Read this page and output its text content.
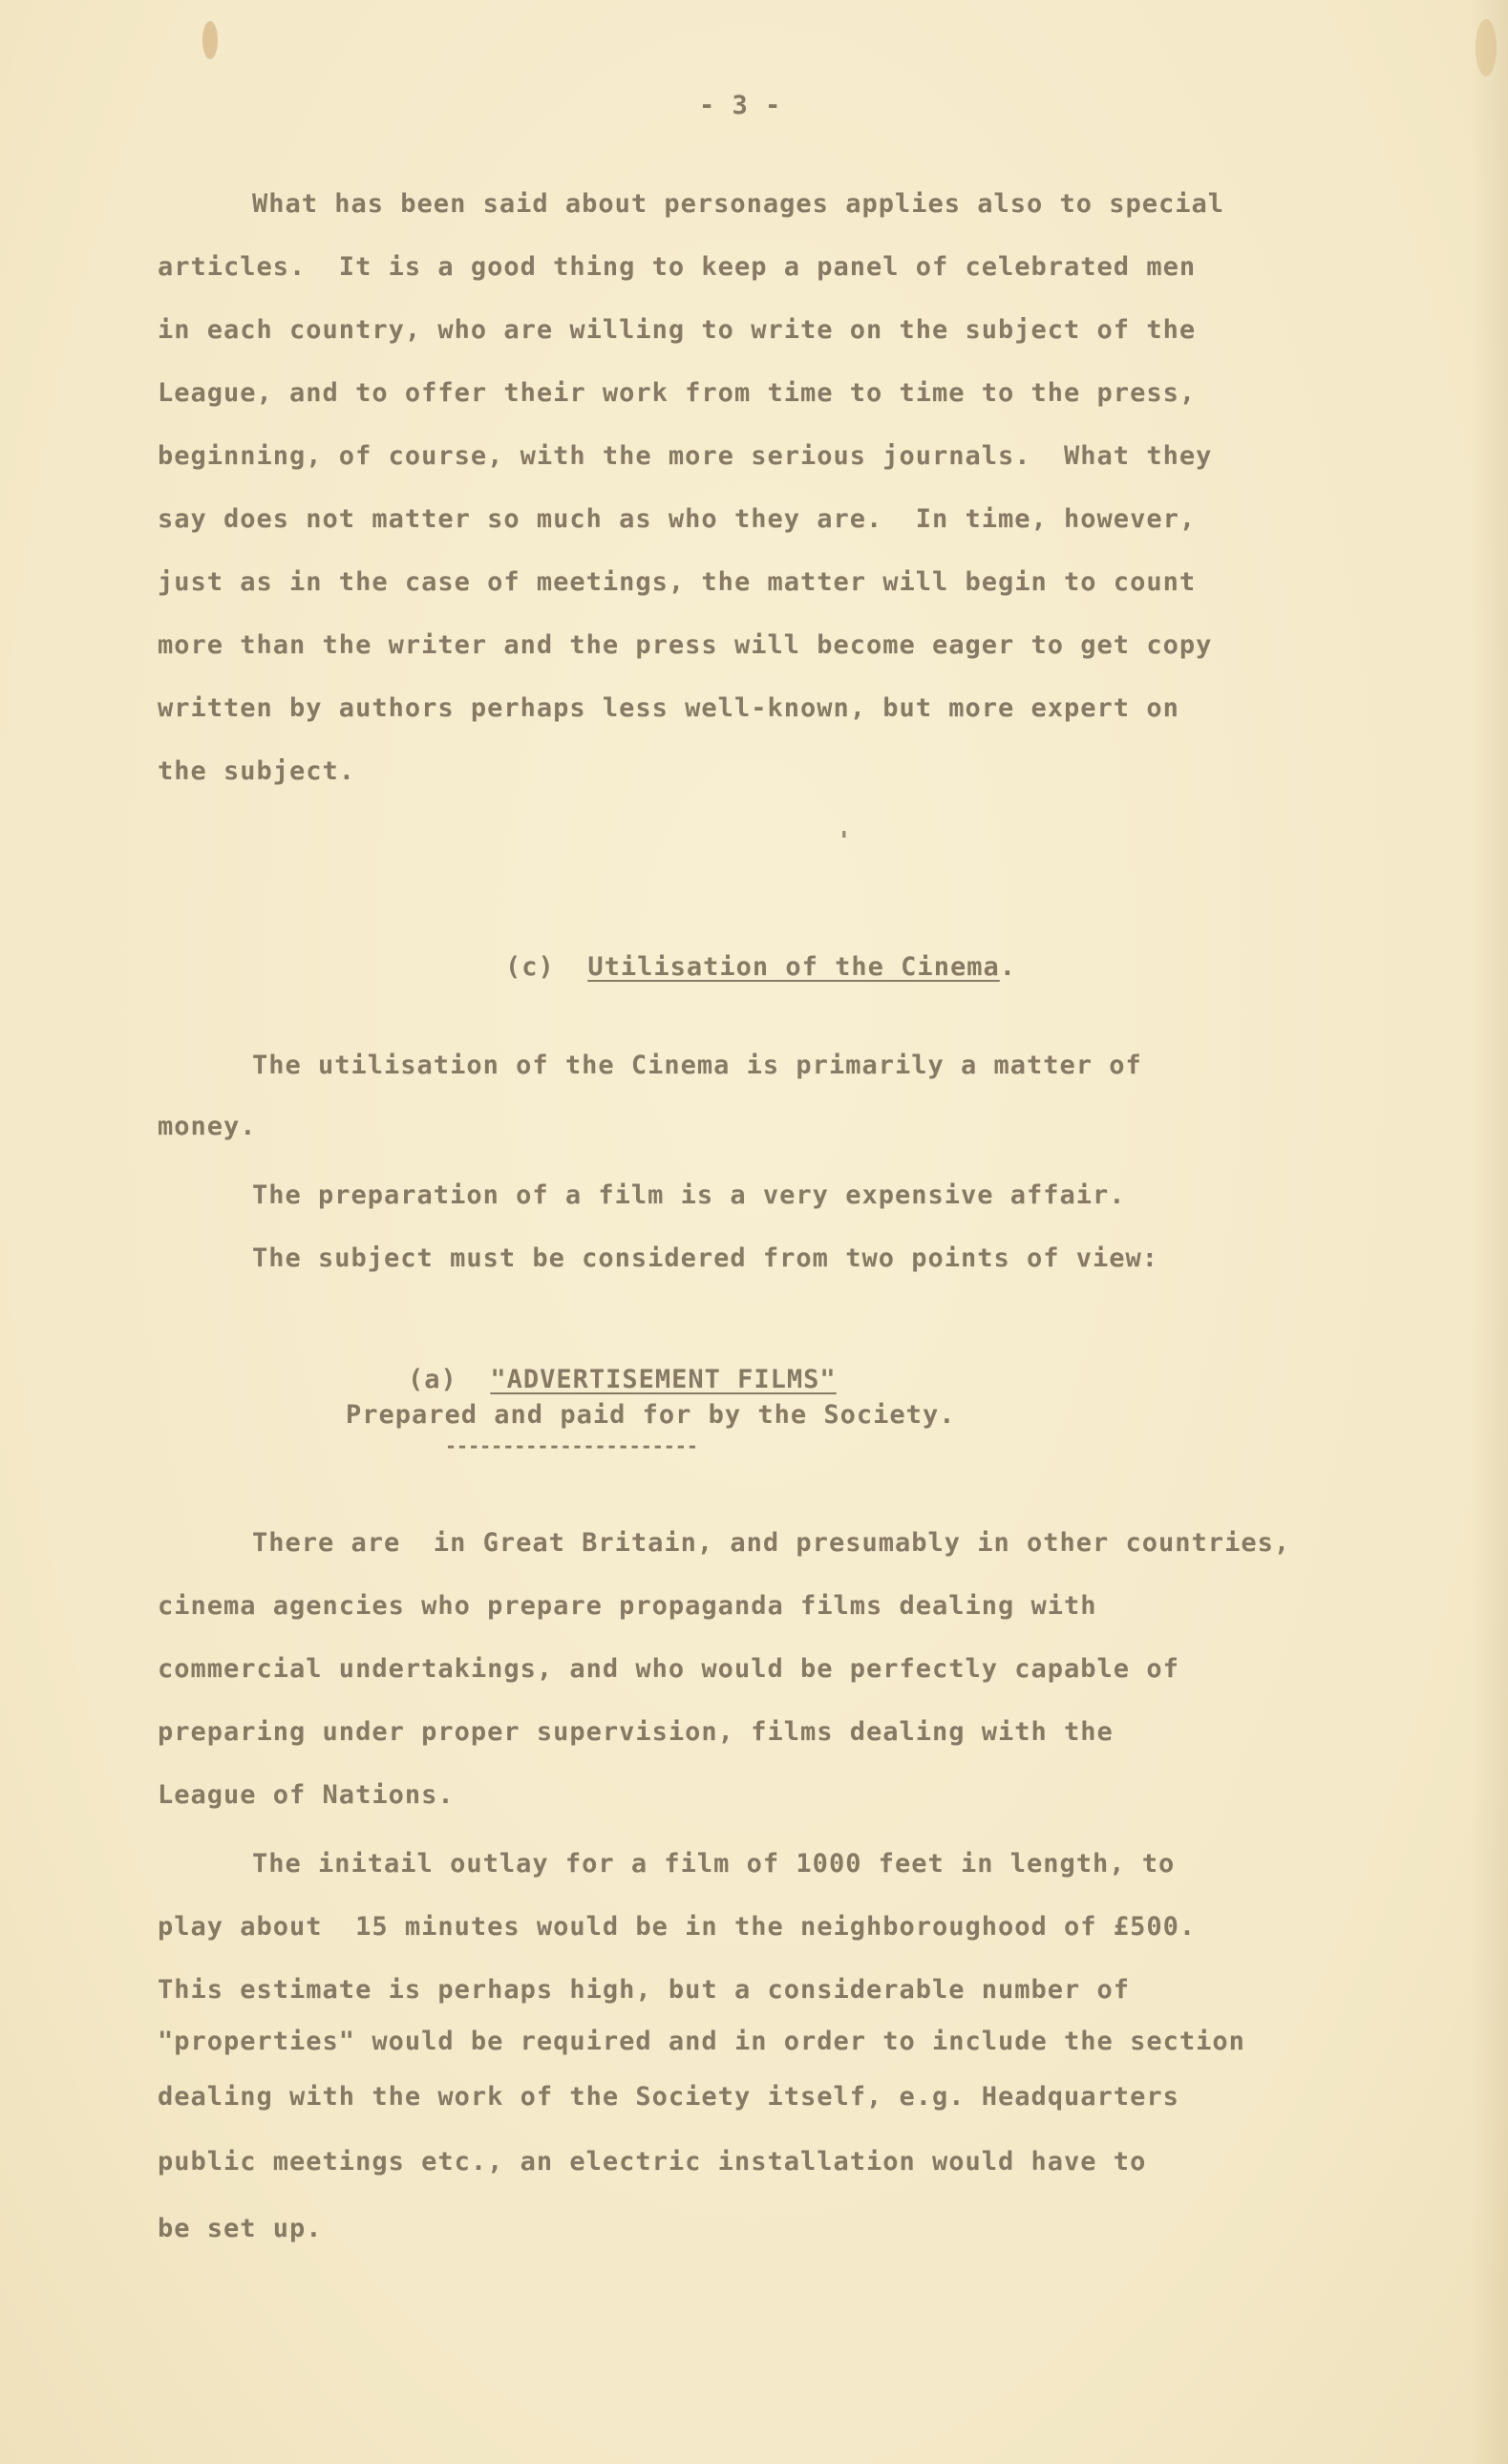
- 3 -
What has been said about personages applies also to special
articles.  It is a good thing to keep a panel of celebrated men
in each country, who are willing to write on the subject of the
League, and to offer their work from time to time to the press,
beginning, of course, with the more serious journals.  What they
say does not matter so much as who they are.  In time, however,
just as in the case of meetings, the matter will begin to count
more than the writer and the press will become eager to get copy
written by authors perhaps less well-known, but more expert on
the subject.
'

(c) Utilisation of the Cinema.

The utilisation of the Cinema is primarily a matter of
money.
The preparation of a film is a very expensive affair.
The subject must be considered from two points of view:

(a) "ADVERTISEMENT FILMS"

Prepared and paid for by the Society.
----------------------
There are  in Great Britain, and presumably in other countries,
cinema agencies who prepare propaganda films dealing with
commercial undertakings, and who would be perfectly capable of
preparing under proper supervision, films dealing with the
League of Nations.
The initail outlay for a film of 1000 feet in length, to
play about  15 minutes would be in the neighboroughood of £500.
This estimate is perhaps high, but a considerable number of
"properties" would be required and in order to include the section
dealing with the work of the Society itself, e.g. Headquarters
public meetings etc., an electric installation would have to
be set up.
